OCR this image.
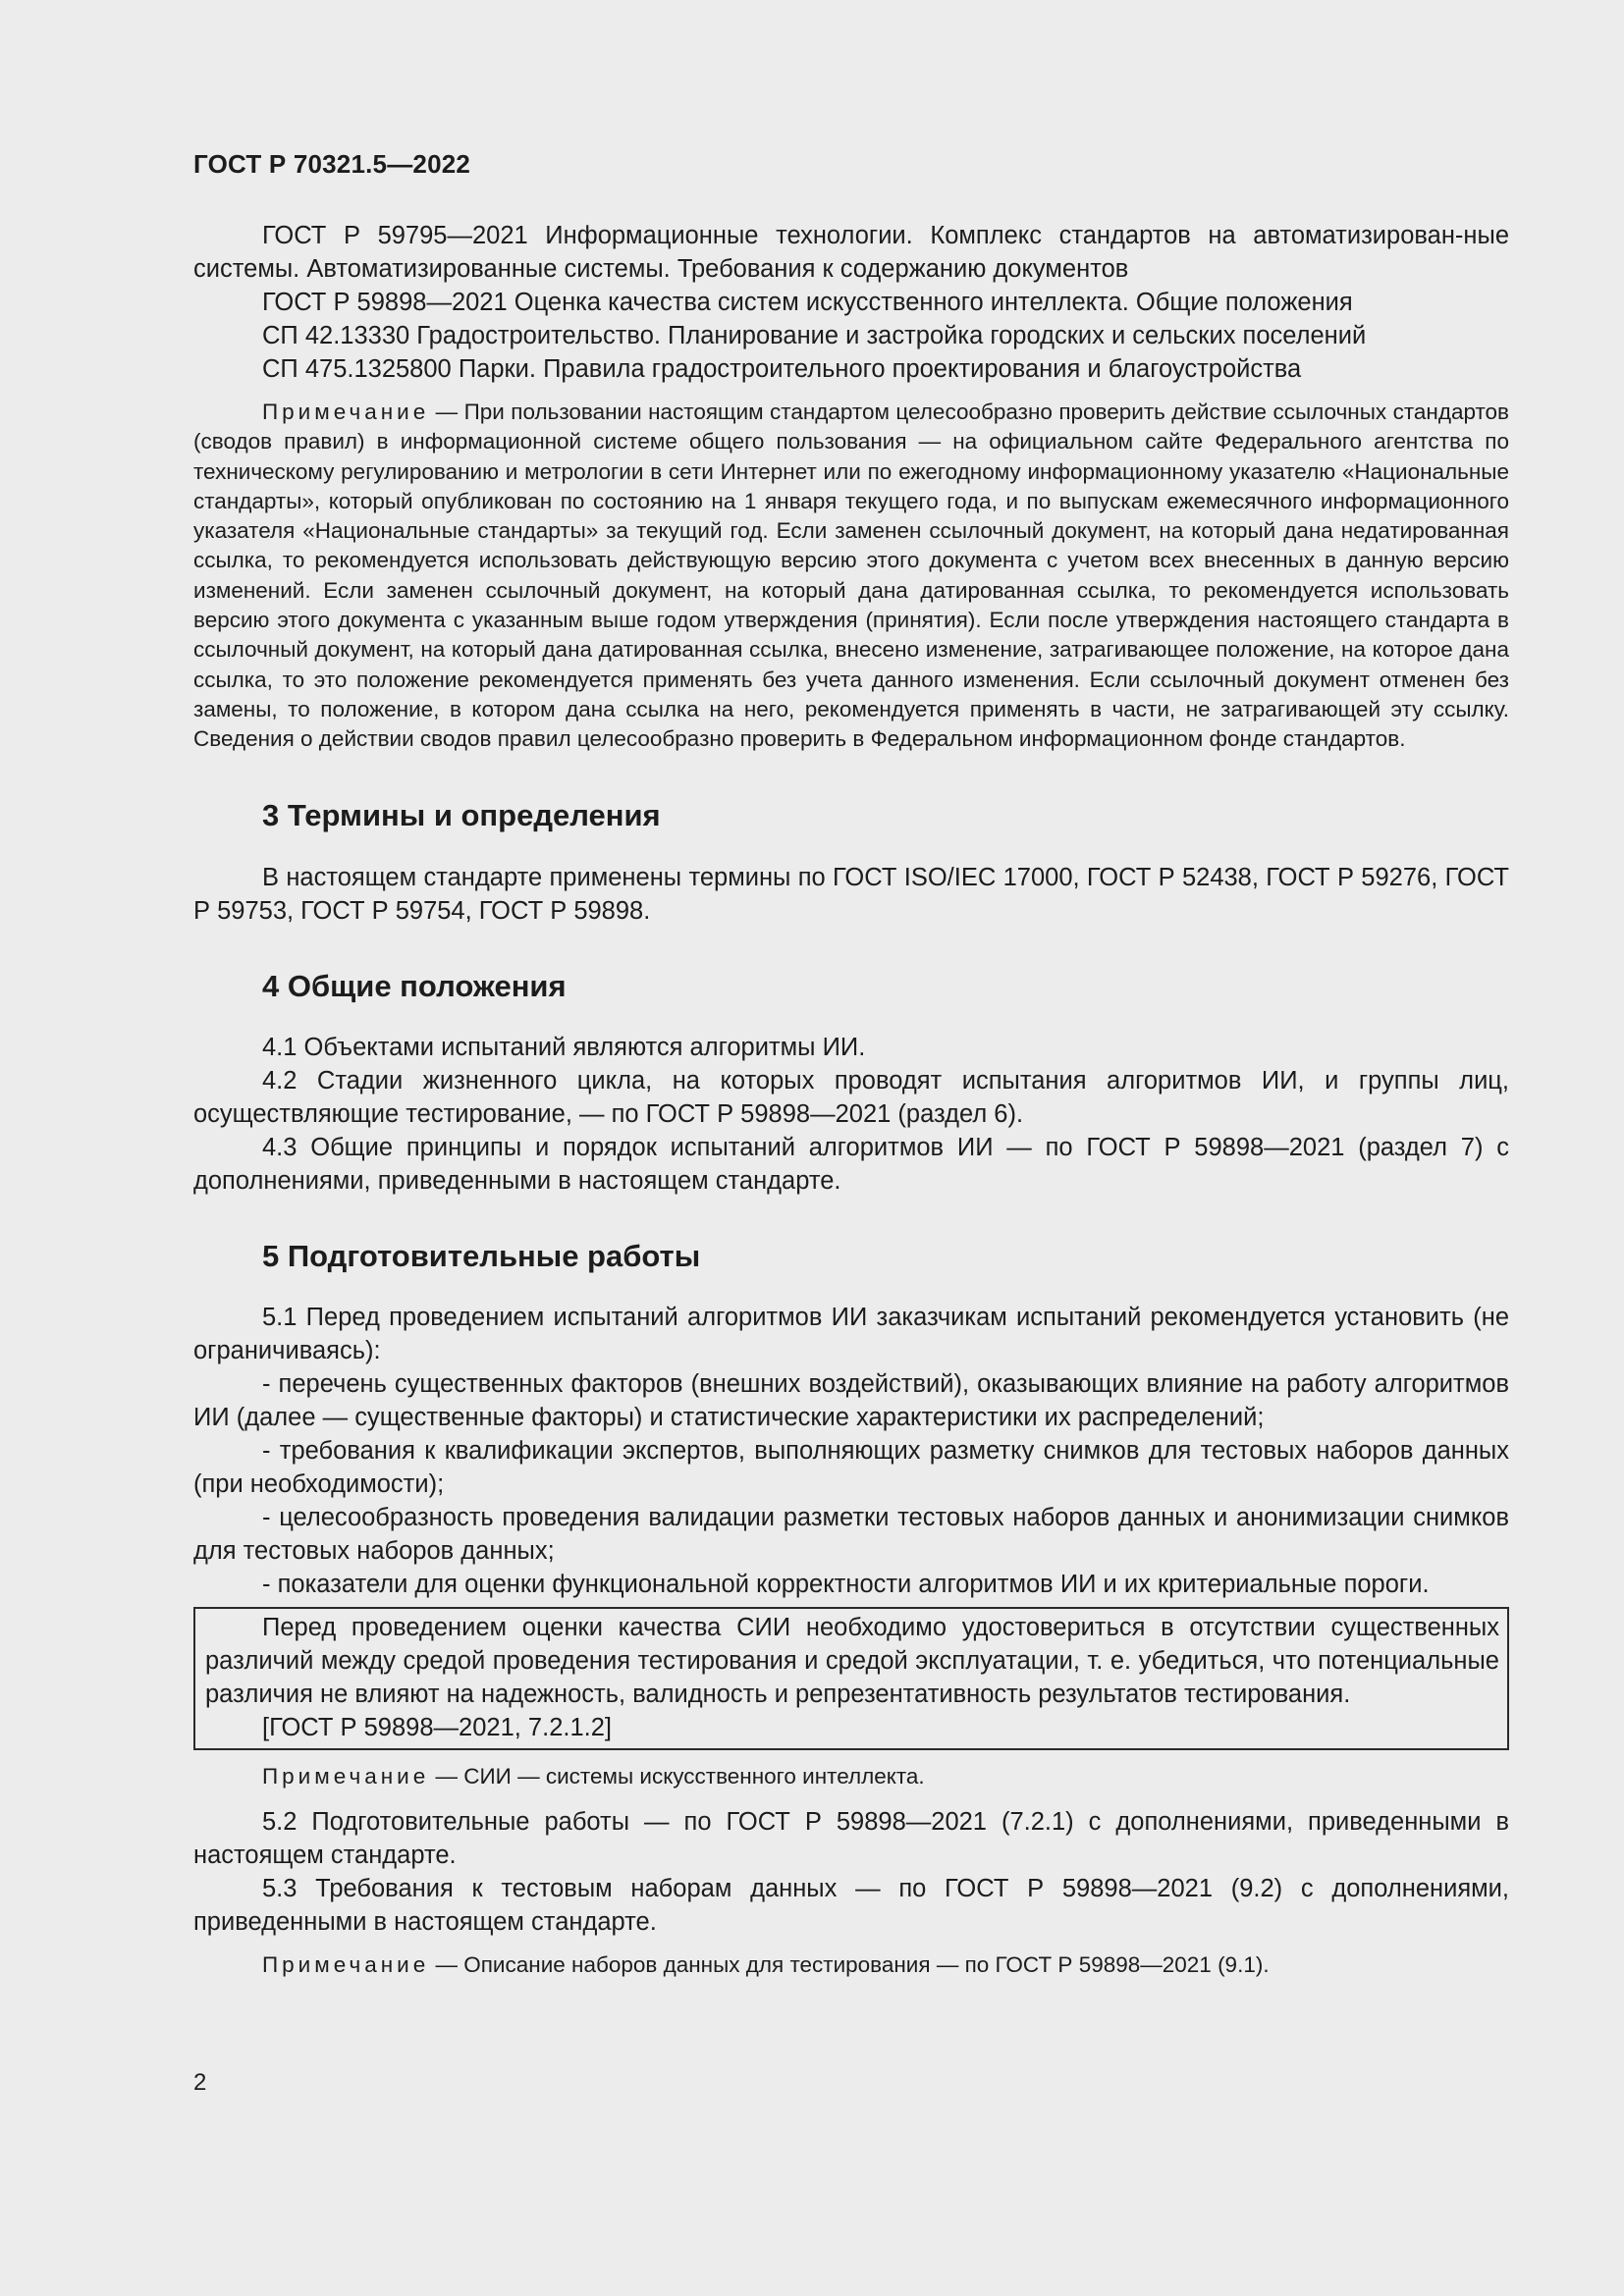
ГОСТ Р 70321.5—2022

ГОСТ Р 59795—2021 Информационные технологии. Комплекс стандартов на автоматизирован-ные системы. Автоматизированные системы. Требования к содержанию документов

ГОСТ Р 59898—2021 Оценка качества систем искусственного интеллекта. Общие положения

СП 42.13330 Градостроительство. Планирование и застройка городских и сельских поселений

СП 475.1325800 Парки. Правила градостроительного проектирования и благоустройства

Примечание — При пользовании настоящим стандартом целесообразно проверить действие ссылочных стандартов (сводов правил) в информационной системе общего пользования — на официальном сайте Федерального агентства по техническому регулированию и метрологии в сети Интернет или по ежегодному информационному указателю «Национальные стандарты», который опубликован по состоянию на 1 января текущего года, и по выпускам ежемесячного информационного указателя «Национальные стандарты» за текущий год. Если заменен ссылочный документ, на который дана недатированная ссылка, то рекомендуется использовать действующую версию этого документа с учетом всех внесенных в данную версию изменений. Если заменен ссылочный документ, на который дана датированная ссылка, то рекомендуется использовать версию этого документа с указанным выше годом утверждения (принятия). Если после утверждения настоящего стандарта в ссылочный документ, на который дана датированная ссылка, внесено изменение, затрагивающее положение, на которое дана ссылка, то это положение рекомендуется применять без учета данного изменения. Если ссылочный документ отменен без замены, то положение, в котором дана ссылка на него, рекомендуется применять в части, не затрагивающей эту ссылку. Сведения о действии сводов правил целесообразно проверить в Федеральном информационном фонде стандартов.

3 Термины и определения

В настоящем стандарте применены термины по ГОСТ ISO/IEC 17000, ГОСТ Р 52438, ГОСТ Р 59276, ГОСТ Р 59753, ГОСТ Р 59754, ГОСТ Р 59898.

4 Общие положения

4.1 Объектами испытаний являются алгоритмы ИИ.

4.2 Стадии жизненного цикла, на которых проводят испытания алгоритмов ИИ, и группы лиц, осуществляющие тестирование, — по ГОСТ Р 59898—2021 (раздел 6).

4.3 Общие принципы и порядок испытаний алгоритмов ИИ — по ГОСТ Р 59898—2021 (раздел 7) с дополнениями, приведенными в настоящем стандарте.

5 Подготовительные работы

5.1 Перед проведением испытаний алгоритмов ИИ заказчикам испытаний рекомендуется установить (не ограничиваясь):

- перечень существенных факторов (внешних воздействий), оказывающих влияние на работу алгоритмов ИИ (далее — существенные факторы) и статистические характеристики их распределений;

- требования к квалификации экспертов, выполняющих разметку снимков для тестовых наборов данных (при необходимости);

- целесообразность проведения валидации разметки тестовых наборов данных и анонимизации снимков для тестовых наборов данных;

- показатели для оценки функциональной корректности алгоритмов ИИ и их критериальные пороги.

Перед проведением оценки качества СИИ необходимо удостовериться в отсутствии существенных различий между средой проведения тестирования и средой эксплуатации, т. е. убедиться, что потенциальные различия не влияют на надежность, валидность и репрезентативность результатов тестирования.

[ГОСТ Р 59898—2021, 7.2.1.2]

Примечание — СИИ — системы искусственного интеллекта.

5.2 Подготовительные работы — по ГОСТ Р 59898—2021 (7.2.1) с дополнениями, приведенными в настоящем стандарте.

5.3 Требования к тестовым наборам данных — по ГОСТ Р 59898—2021 (9.2) с дополнениями, приведенными в настоящем стандарте.

Примечание — Описание наборов данных для тестирования — по ГОСТ Р 59898—2021 (9.1).

2
